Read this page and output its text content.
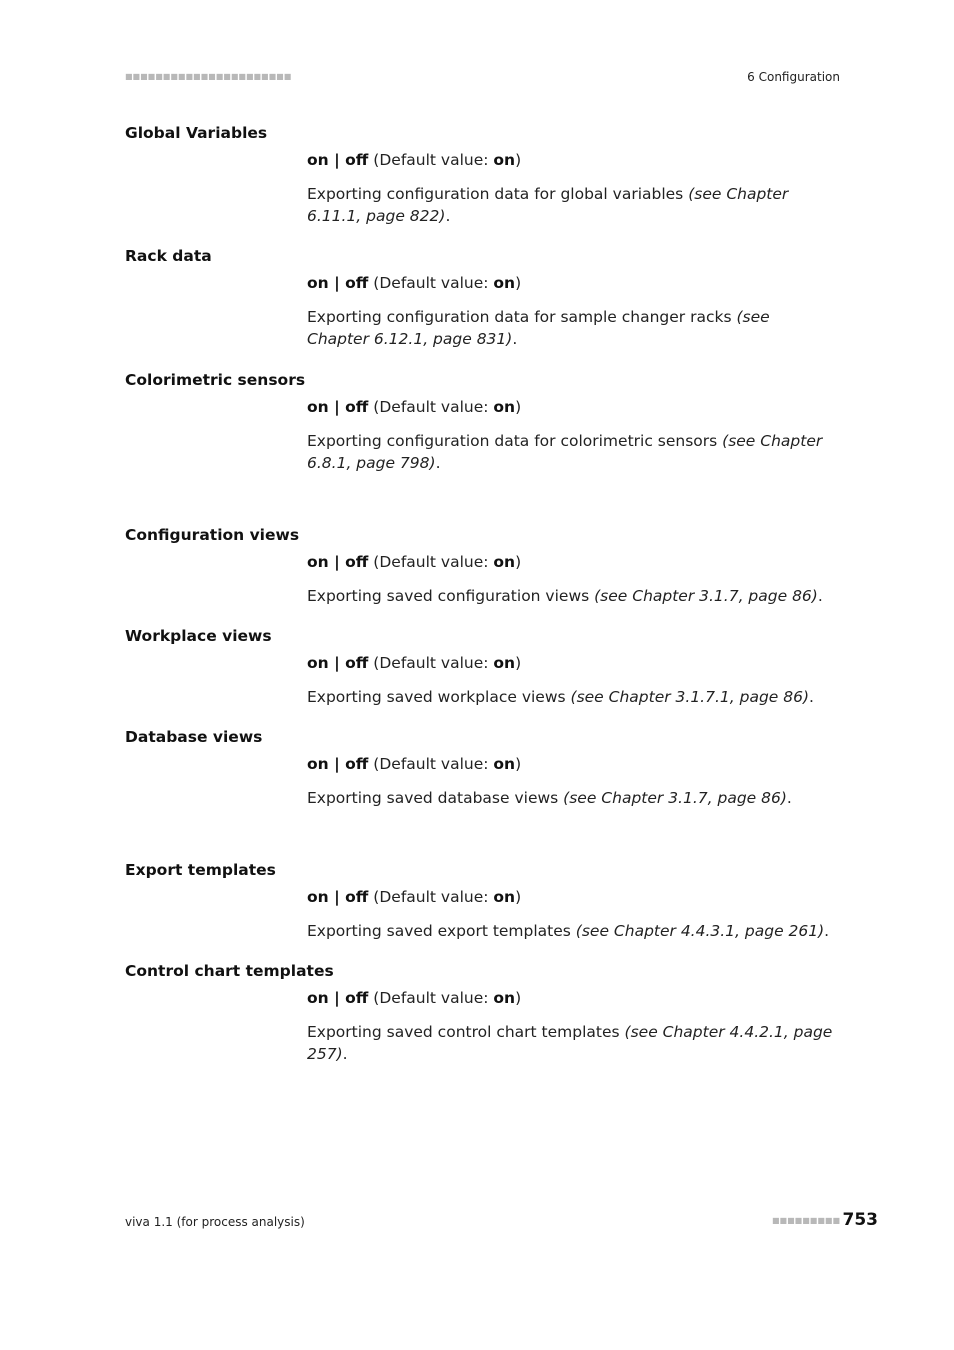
■■■■■■■■■■■■■■■■■■■■■■	6 Configuration
Global Variables
on | off (Default value: on)
Exporting configuration data for global variables (see Chapter 6.11.1, page 822).
Rack data
on | off (Default value: on)
Exporting configuration data for sample changer racks (see Chapter 6.12.1, page 831).
Colorimetric sensors
on | off (Default value: on)
Exporting configuration data for colorimetric sensors (see Chapter 6.8.1, page 798).
Configuration views
on | off (Default value: on)
Exporting saved configuration views (see Chapter 3.1.7, page 86).
Workplace views
on | off (Default value: on)
Exporting saved workplace views (see Chapter 3.1.7.1, page 86).
Database views
on | off (Default value: on)
Exporting saved database views (see Chapter 3.1.7, page 86).
Export templates
on | off (Default value: on)
Exporting saved export templates (see Chapter 4.4.3.1, page 261).
Control chart templates
on | off (Default value: on)
Exporting saved control chart templates (see Chapter 4.4.2.1, page 257).
viva 1.1 (for process analysis)	■■■■■■■■■ 753
